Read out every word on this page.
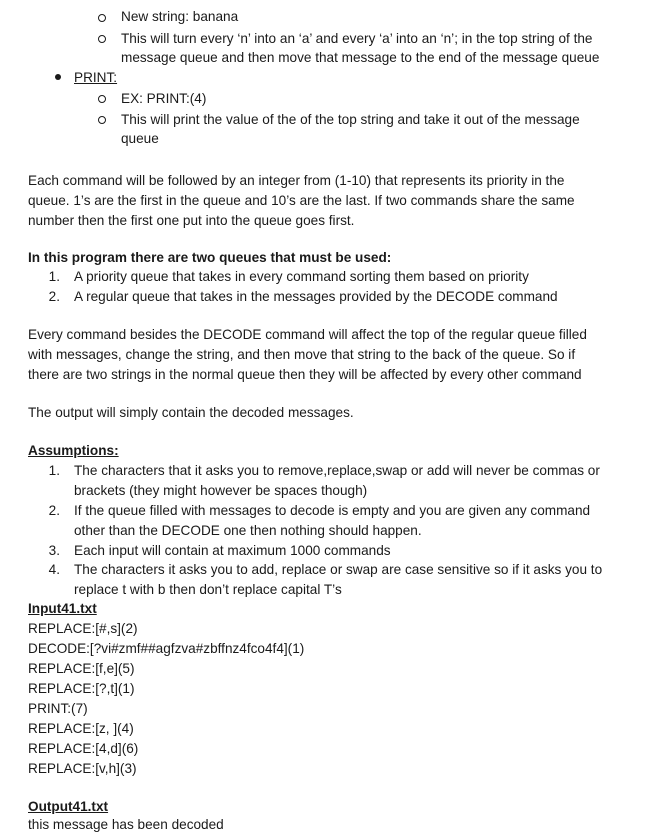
New string: banana
This will turn every ‘n’ into an ‘a’ and every ‘a’ into an ‘n’; in the top string of the
message queue and then move that message to the end of the message queue
PRINT:
EX: PRINT:(4)
This will print the value of the of the top string and take it out of the message
queue
Each command will be followed by an integer from (1-10) that represents its priority in the
queue. 1’s are the first in the queue and 10’s are the last. If two commands share the same
number then the first one put into the queue goes first.
In this program there are two queues that must be used:
1. A priority queue that takes in every command sorting them based on priority
2. A regular queue that takes in the messages provided by the DECODE command
Every command besides the DECODE command will affect the top of the regular queue filled
with messages, change the string, and then move that string to the back of the queue. So if
there are two strings in the normal queue then they will be affected by every other command
The output will simply contain the decoded messages.
Assumptions:
1. The characters that it asks you to remove,replace,swap or add will never be commas or
brackets (they might however be spaces though)
2. If the queue filled with messages to decode is empty and you are given any command
other than the DECODE one then nothing should happen.
3. Each input will contain at maximum 1000 commands
4. The characters it asks you to add, replace or swap are case sensitive so if it asks you to
replace t with b then don’t replace capital T’s
Input41.txt
REPLACE:[#,s](2)
DECODE:[?vi#zmf##agfzva#zbffnz4fco4f4](1)
REPLACE:[f,e](5)
REPLACE:[?,t](1)
PRINT:(7)
REPLACE:[z, ](4)
REPLACE:[4,d](6)
REPLACE:[v,h](3)
Output41.txt
this message has been decoded
